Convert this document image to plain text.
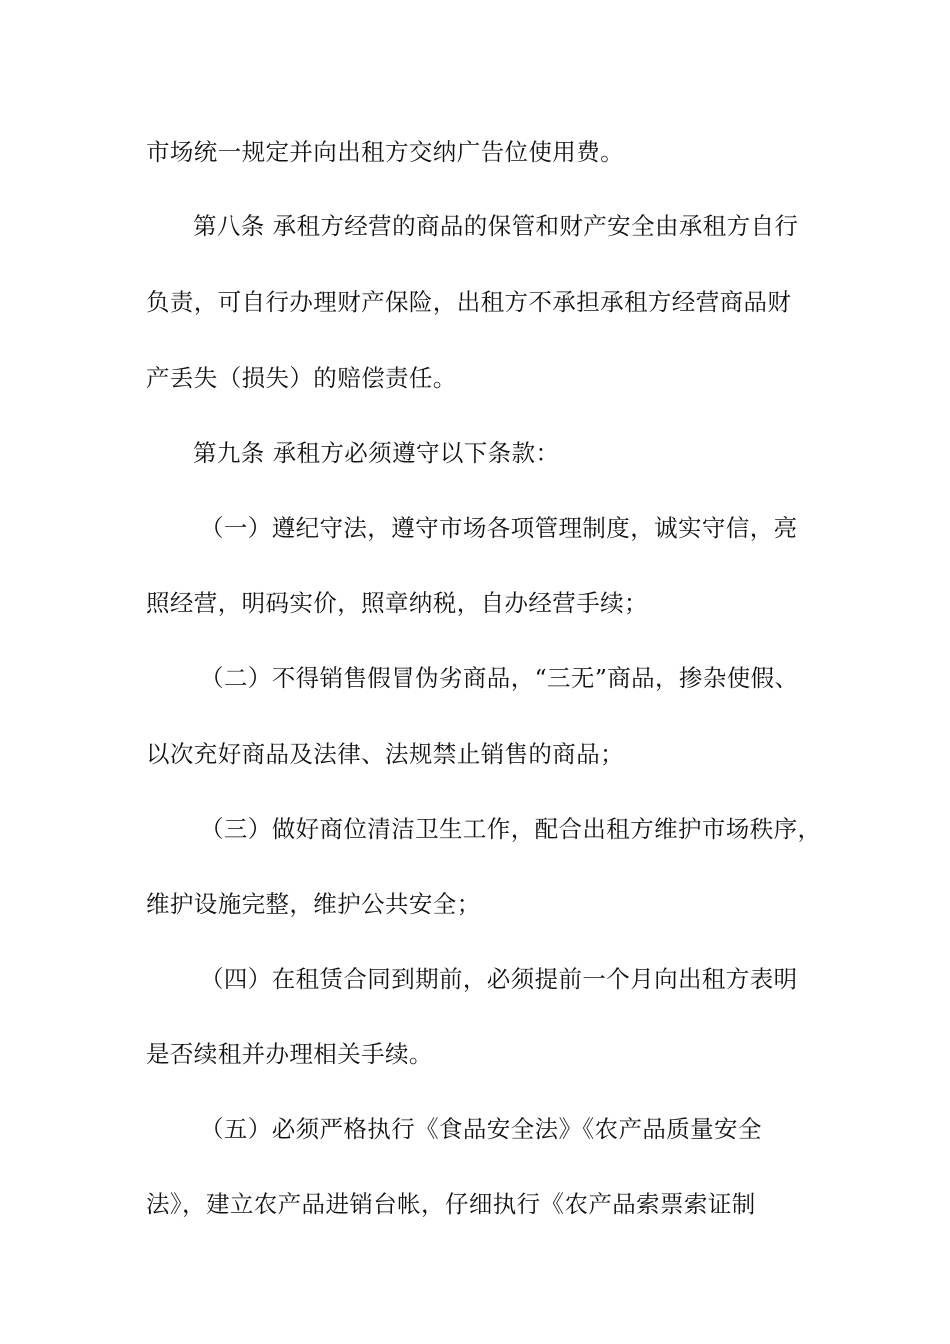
市场统一规定并向出租方交纳广告位使用费。
第八条 承租方经营的商品的保管和财产安全由承租方自行
负责，可自行办理财产保险，出租方不承担承租方经营商品财
产丢失（损失）的赔偿责任。
第九条 承租方必须遵守以下条款：
（一）遵纪守法，遵守市场各项管理制度，诚实守信，亮
照经营，明码实价，照章纳税，自办经营手续；
（二）不得销售假冒伪劣商品，“三无”商品，掺杂使假、
以次充好商品及法律、法规禁止销售的商品；
（三）做好商位清洁卫生工作，配合出租方维护市场秩序，
维护设施完整，维护公共安全；
（四）在租赁合同到期前，必须提前一个月向出租方表明
是否续租并办理相关手续。
（五）必须严格执行《食品安全法》《农产品质量安全
法》，建立农产品进销台帐，仔细执行《农产品索票索证制
